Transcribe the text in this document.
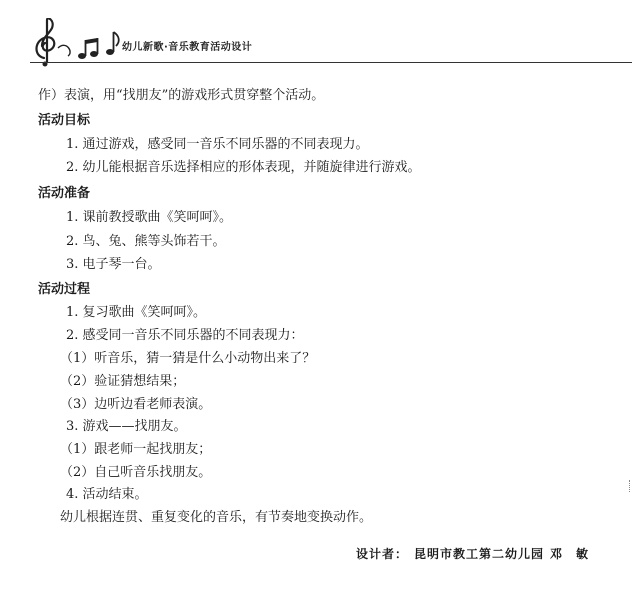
幼儿新歌·音乐教育活动设计
作）表演，用“找朋友”的游戏形式贯穿整个活动。
活动目标
1. 通过游戏，感受同一音乐不同乐器的不同表现力。
2. 幼儿能根据音乐选择相应的形体表现，并随旋律进行游戏。
活动准备
1. 课前教授歌曲《笑呵呵》。
2. 鸟、兔、熊等头饰若干。
3. 电子琴一台。
活动过程
1. 复习歌曲《笑呵呵》。
2. 感受同一音乐不同乐器的不同表现力：
（1）听音乐，猜一猜是什么小动物出来了？
（2）验证猜想结果；
（3）边听边看老师表演。
3. 游戏——找朋友。
（1）跟老师一起找朋友；
（2）自己听音乐找朋友。
4. 活动结束。
幼儿根据连贯、重复变化的音乐，有节奏地变换动作。
设计者： 昆明市教工第二幼儿园 邓　敏
